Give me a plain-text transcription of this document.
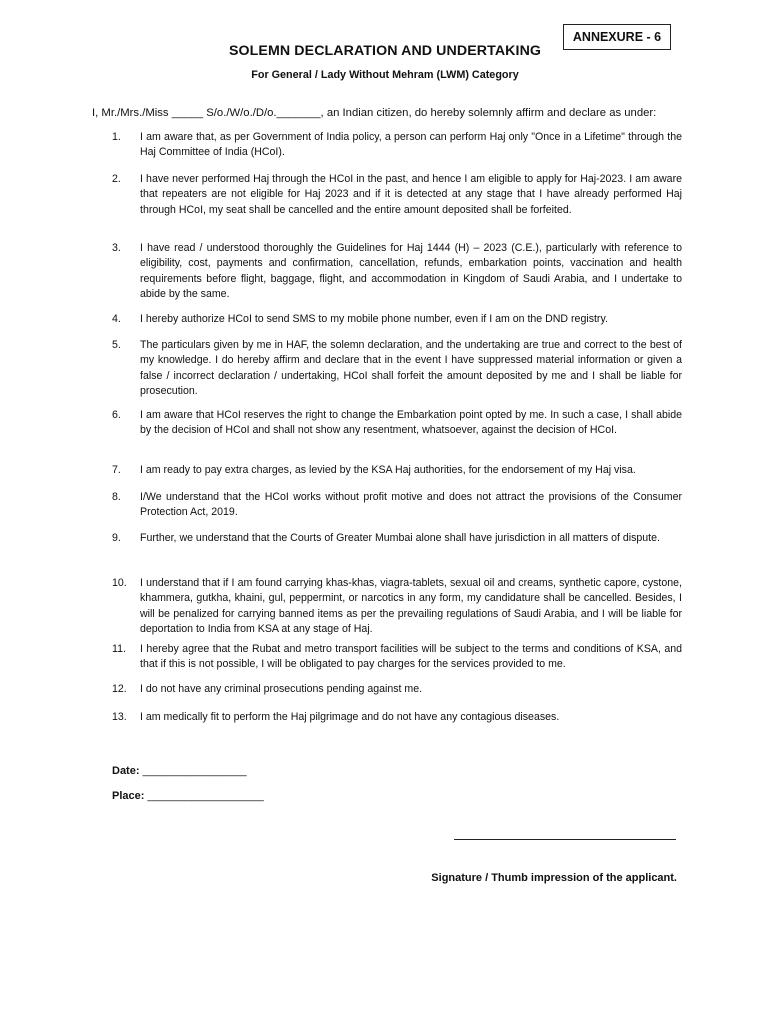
ANNEXURE - 6
SOLEMN DECLARATION AND UNDERTAKING
For General / Lady Without Mehram (LWM) Category
I, Mr./Mrs./Miss _____ S/o./W/o./D/o._______, an Indian citizen, do hereby solemnly affirm and declare as under:
1.	I am aware that, as per Government of India policy, a person can perform Haj only "Once in a Lifetime" through the Haj Committee of India (HCoI).
2.	I have never performed Haj through the HCoI in the past, and hence I am eligible to apply for Haj-2023. I am aware that repeaters are not eligible for Haj 2023 and if it is detected at any stage that I have already performed Haj through HCoI, my seat shall be cancelled and the entire amount deposited shall be forfeited.
3.	I have read / understood thoroughly the Guidelines for Haj 1444 (H) – 2023 (C.E.), particularly with reference to eligibility, cost, payments and confirmation, cancellation, refunds, embarkation points, vaccination and health requirements before flight, baggage, flight, and accommodation in Kingdom of Saudi Arabia, and I undertake to abide by the same.
4.	I hereby authorize HCoI to send SMS to my mobile phone number, even if I am on the DND registry.
5.	The particulars given by me in HAF, the solemn declaration, and the undertaking are true and correct to the best of my knowledge. I do hereby affirm and declare that in the event I have suppressed material information or given a false / incorrect declaration / undertaking, HCoI shall forfeit the amount deposited by me and I shall be liable for prosecution.
6.	I am aware that HCoI reserves the right to change the Embarkation point opted by me. In such a case, I shall abide by the decision of HCoI and shall not show any resentment, whatsoever, against the decision of HCoI.
7.	I am ready to pay extra charges, as levied by the KSA Haj authorities, for the endorsement of my Haj visa.
8.	I/We understand that the HCoI works without profit motive and does not attract the provisions of the Consumer Protection Act, 2019.
9.	Further, we understand that the Courts of Greater Mumbai alone shall have jurisdiction in all matters of dispute.
10.	I understand that if I am found carrying khas-khas, viagra-tablets, sexual oil and creams, synthetic capore, cystone, khammera, gutkha, khaini, gul, peppermint, or narcotics in any form, my candidature shall be cancelled. Besides, I will be penalized for carrying banned items as per the prevailing regulations of Saudi Arabia, and I will be liable for deportation to India from KSA at any stage of Haj.
11.	I hereby agree that the Rubat and metro transport facilities will be subject to the terms and conditions of KSA, and that if this is not possible, I will be obligated to pay charges for the services provided to me.
12.	I do not have any criminal prosecutions pending against me.
13.	I am medically fit to perform the Haj pilgrimage and do not have any contagious diseases.
Date: _________________
Place: ___________________
Signature / Thumb impression of the applicant.
